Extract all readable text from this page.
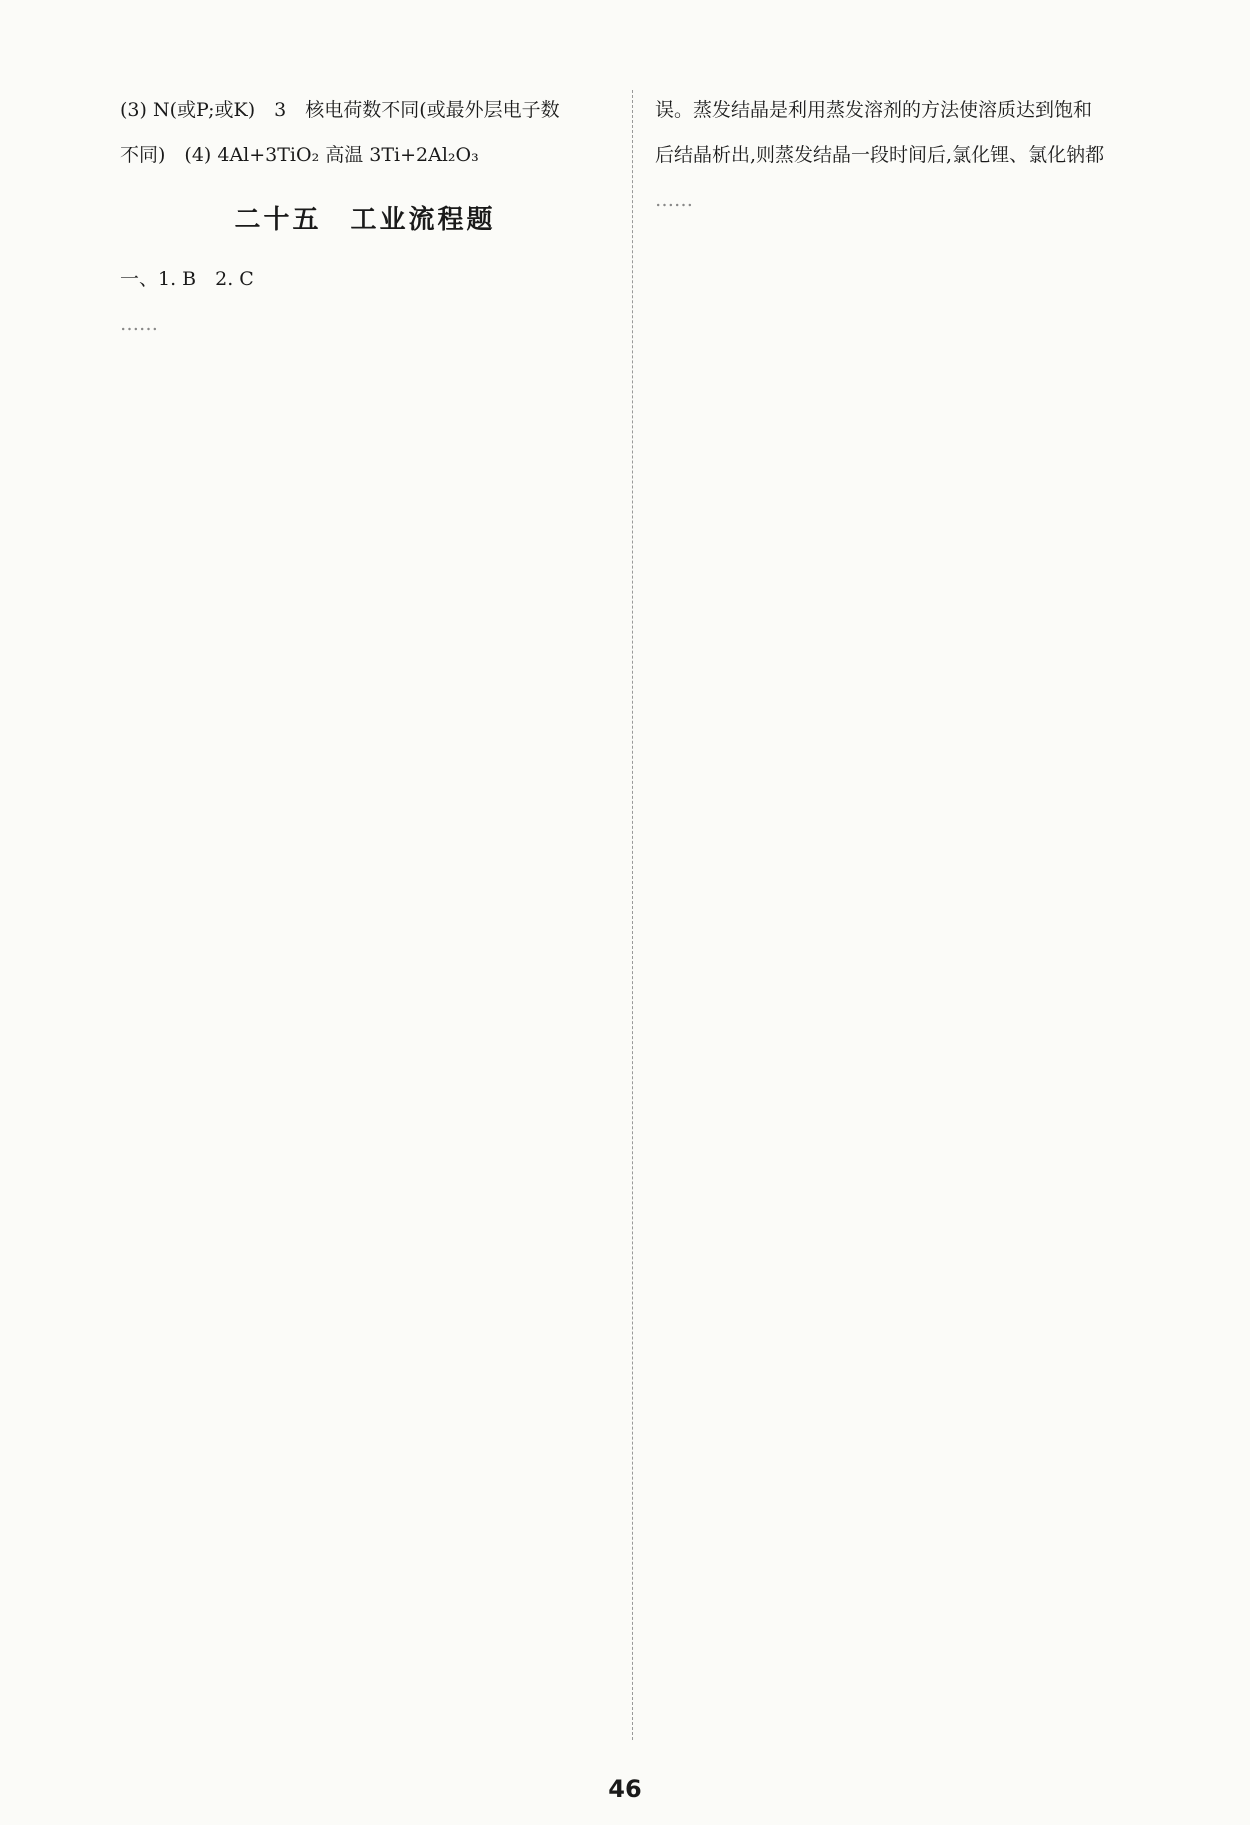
(3) N(或P;或K)　3　核电荷数不同(或最外层电子数

不同)　(4) 4Al+3TiO₂ 高温 3Ti+2Al₂O₃

二十五　工业流程题

一、1. B　2. C

……

误。蒸发结晶是利用蒸发溶剂的方法使溶质达到饱和

后结晶析出,则蒸发结晶一段时间后,氯化锂、氯化钠都

……

46
